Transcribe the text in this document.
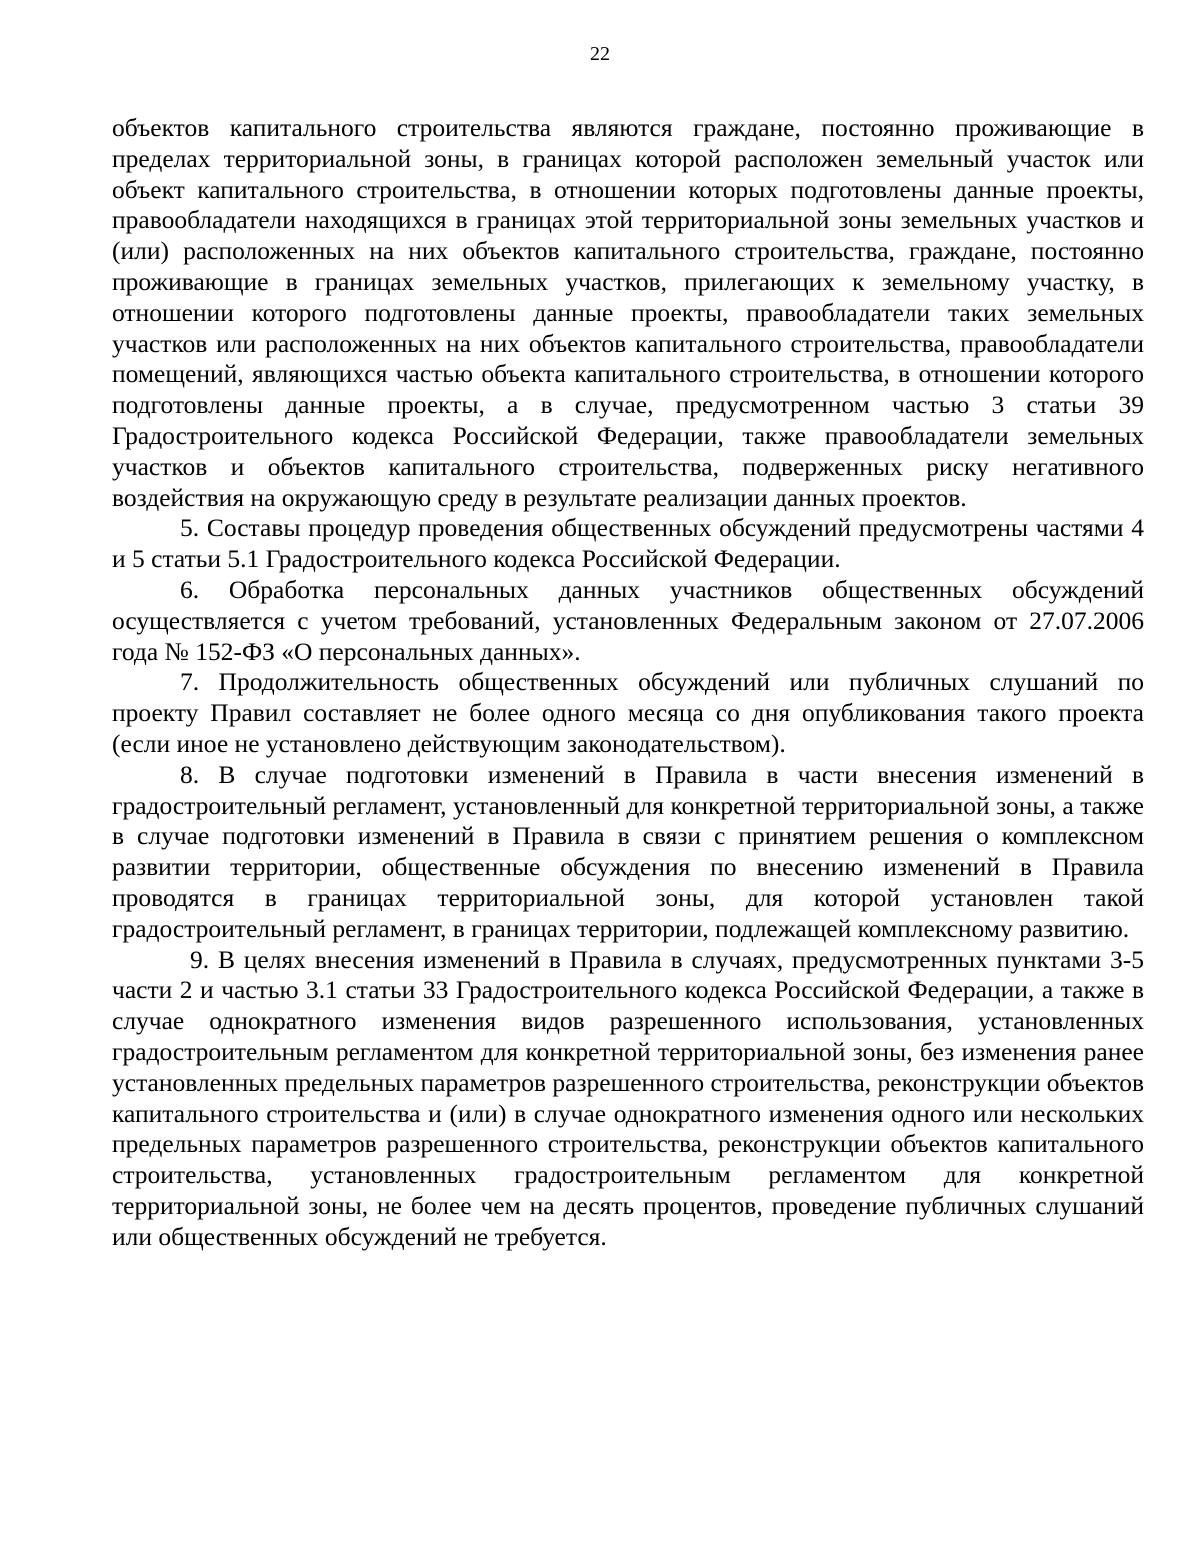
22

объектов капитального строительства являются граждане, постоянно проживающие в пределах территориальной зоны, в границах которой расположен земельный участок или объект капитального строительства, в отношении которых подготовлены данные проекты, правообладатели находящихся в границах этой территориальной зоны земельных участков и (или) расположенных на них объектов капитального строительства, граждане, постоянно проживающие в границах земельных участков, прилегающих к земельному участку, в отношении которого подготовлены данные проекты, правообладатели таких земельных участков или расположенных на них объектов капитального строительства, правообладатели помещений, являющихся частью объекта капитального строительства, в отношении которого подготовлены данные проекты, а в случае, предусмотренном частью 3 статьи 39 Градостроительного кодекса Российской Федерации, также правообладатели земельных участков и объектов капитального строительства, подверженных риску негативного воздействия на окружающую среду в результате реализации данных проектов.

5. Составы процедур проведения общественных обсуждений предусмотрены частями 4 и 5 статьи 5.1 Градостроительного кодекса Российской Федерации.

6. Обработка персональных данных участников общественных обсуждений осуществляется с учетом требований, установленных Федеральным законом от 27.07.2006 года № 152-ФЗ «О персональных данных».

7. Продолжительность общественных обсуждений или публичных слушаний по проекту Правил составляет не более одного месяца со дня опубликования такого проекта (если иное не установлено действующим законодательством).

8. В случае подготовки изменений в Правила в части внесения изменений в градостроительный регламент, установленный для конкретной территориальной зоны, а также в случае подготовки изменений в Правила в связи с принятием решения о комплексном развитии территории, общественные обсуждения по внесению изменений в Правила проводятся в границах территориальной зоны, для которой установлен такой градостроительный регламент, в границах территории, подлежащей комплексному развитию.

9. В целях внесения изменений в Правила в случаях, предусмотренных пунктами 3-5 части 2 и частью 3.1 статьи 33 Градостроительного кодекса Российской Федерации, а также в случае однократного изменения видов разрешенного использования, установленных градостроительным регламентом для конкретной территориальной зоны, без изменения ранее установленных предельных параметров разрешенного строительства, реконструкции объектов капитального строительства и (или) в случае однократного изменения одного или нескольких предельных параметров разрешенного строительства, реконструкции объектов капитального строительства, установленных градостроительным регламентом для конкретной территориальной зоны, не более чем на десять процентов, проведение публичных слушаний или общественных обсуждений не требуется.
